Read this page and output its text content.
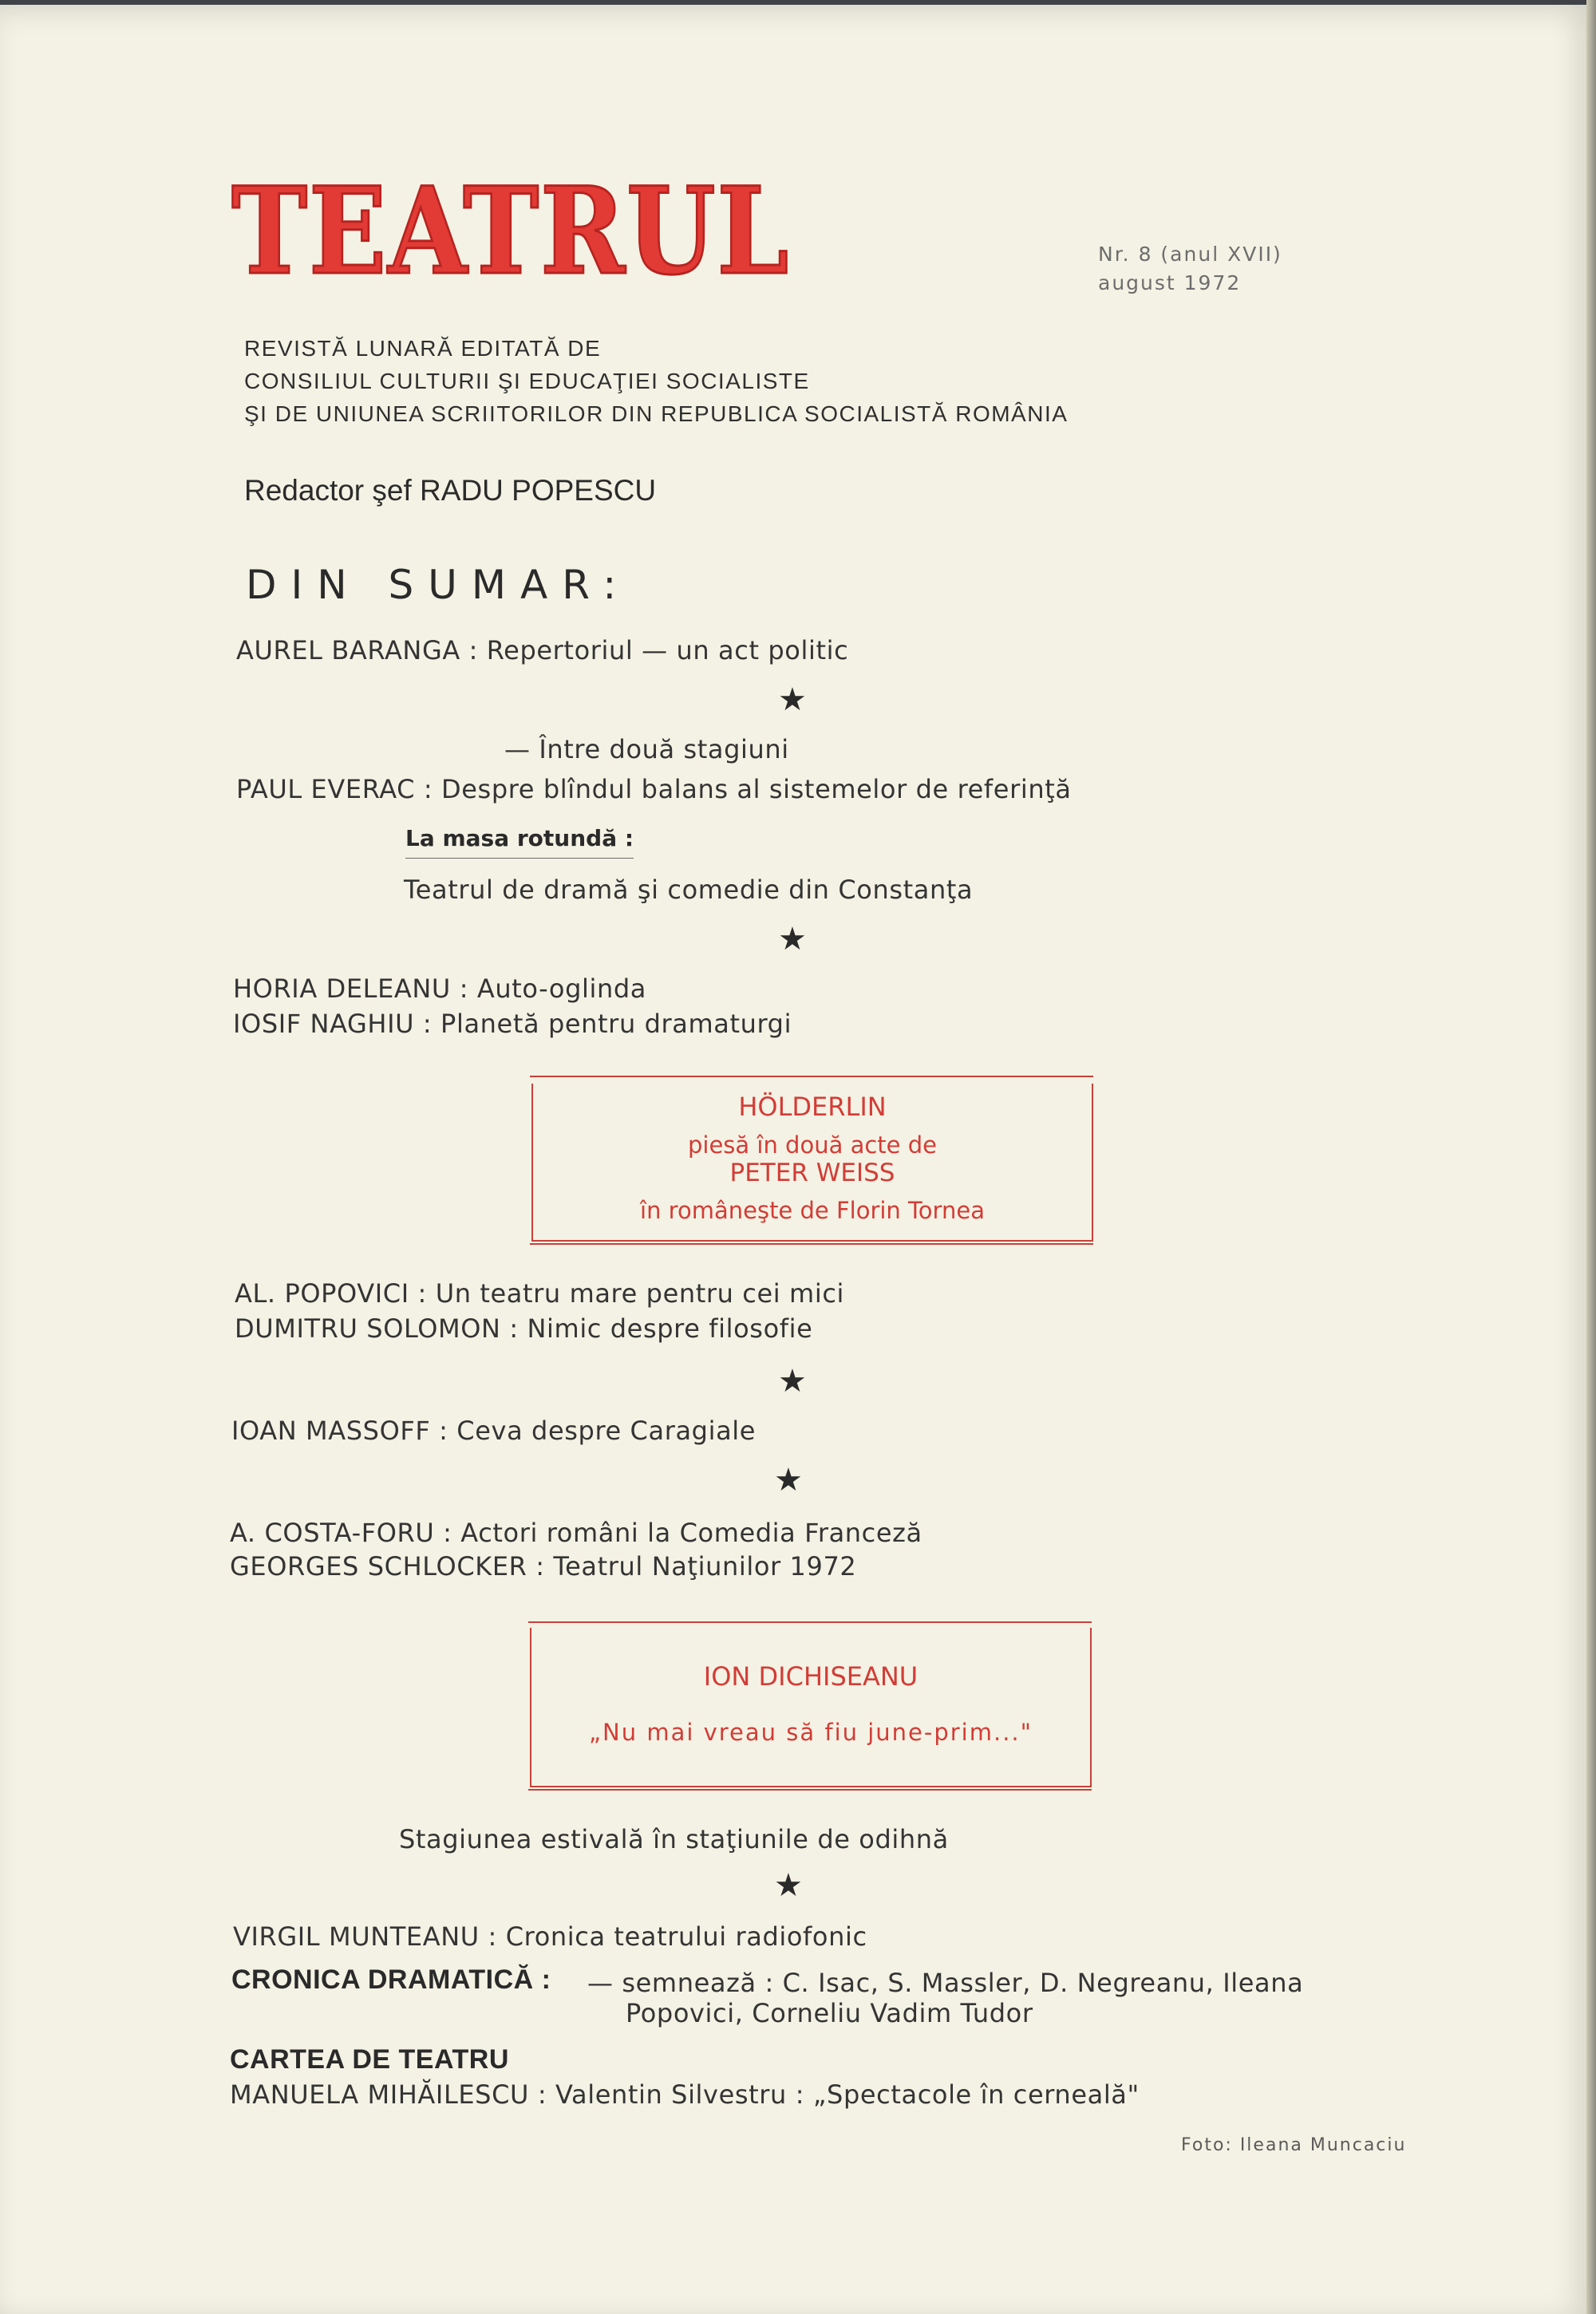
TEATRUL	Nr. 8 (anul XVII)
august 1972
REVISTĂ LUNARĂ EDITATĂ DE
CONSILIUL CULTURII ŞI EDUCAŢIEI SOCIALISTE
ŞI DE UNIUNEA SCRIITORILOR DIN REPUBLICA SOCIALISTĂ ROMÂNIA
Redactor şef RADU POPESCU
DIN SUMAR:
AUREL BARANGA : Repertoriul — un act politic
★
— Între două stagiuni
PAUL EVERAC : Despre blîndul balans al sistemelor de referinţă
La masa rotundă :
Teatrul de dramă şi comedie din Constanţa
★
HORIA DELEANU : Auto-oglinda
IOSIF NAGHIU : Planetă pentru dramaturgi
HÖLDERLIN
piesă în două acte de
PETER WEISS
în româneşte de Florin Tornea
AL. POPOVICI : Un teatru mare pentru cei mici
DUMITRU SOLOMON : Nimic despre filosofie
★
IOAN MASSOFF : Ceva despre Caragiale
★
A. COSTA-FORU : Actori români la Comedia Franceză
GEORGES SCHLOCKER : Teatrul Naţiunilor 1972
ION DICHISEANU
„Nu mai vreau să fiu june-prim..."
Stagiunea estivală în staţiunile de odihnă
★
VIRGIL MUNTEANU : Cronica teatrului radiofonic
CRONICA DRAMATICĂ : — semnează : C. Isac, S. Massler, D. Negreanu, Ileana
Popovici, Corneliu Vadim Tudor
CARTEA DE TEATRU
MANUELA MIHĂILESCU : Valentin Silvestru : „Spectacole în cerneală"
Foto: Ileana Muncaciu
